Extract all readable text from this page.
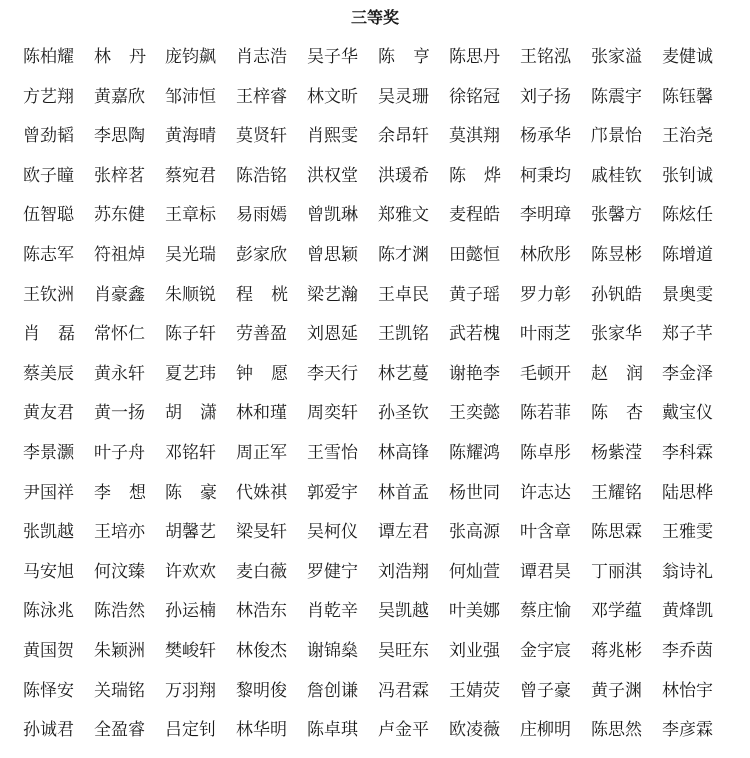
三等奖
陈柏耀 林 丹 庞钧飙 肖志浩 吴子华 陈 亨 陈思丹 王铭泓 张家溢 麦健诚
方艺翔 黄嘉欣 邹沛恒 王梓睿 林文昕 吴灵珊 徐铭冠 刘子扬 陈震宇 陈钰馨
曾劲韬 李思陶 黄海晴 莫贤轩 肖熙雯 余昂轩 莫淇翔 杨承华 邝景怡 王治尧
欧子瞳 张梓茗 蔡宛君 陈浩铭 洪权堂 洪瑗希 陈 烨 柯秉均 戚桂钦 张钊诚
伍智聪 苏东健 王章标 易雨嫣 曾凯琳 郑雅文 麦程皓 李明璋 张馨方 陈炫任
陈志军 符祖焯 吴光瑞 彭家欣 曾思颖 陈才渊 田懿恒 林欣彤 陈昱彬 陈增道
王钦洲 肖豪鑫 朱顺锐 程 桄 梁艺瀚 王卓民 黄子瑶 罗力彰 孙钒皓 景奥雯
肖 磊 常怀仁 陈子轩 劳善盈 刘恩延 王凯铭 武若槐 叶雨芝 张家华 郑子芊
蔡美辰 黄永轩 夏艺玮 钟 愿 李天行 林艺蔓 谢艳李 毛顿开 赵 润 李金泽
黄友君 黄一扬 胡 潇 林和瑾 周奕轩 孙圣钦 王奕懿 陈若菲 陈 杏 戴宝仪
李景灏 叶子舟 邓铭轩 周正军 王雪怡 林高锋 陈耀鸿 陈卓彤 杨紫滢 李科霖
尹国祥 李 想 陈 豪 代姝祺 郭爱宇 林首孟 杨世同 许志达 王耀铭 陆思桦
张凯越 王培亦 胡馨艺 梁旻轩 吴柯仪 谭左君 张高源 叶含章 陈思霖 王雅雯
马安旭 何汶臻 许欢欢 麦白薇 罗健宁 刘浩翔 何灿萱 谭君昊 丁丽淇 翁诗礼
陈泳兆 陈浩然 孙运楠 林浩东 肖乾辛 吴凯越 叶美娜 蔡庄愉 邓学蕴 黄烽凯
黄国贺 朱颖洲 樊峻轩 林俊杰 谢锦燊 吴旺东 刘业强 金宇宸 蒋兆彬 李乔茵
陈怿安 关瑞铭 万羽翔 黎明俊 詹创谦 冯君霖 王婧荧 曾子豪 黄子渊 林怡宇
孙诚君 全盈睿 吕定钊 林华明 陈卓琪 卢金平 欧凌薇 庄柳明 陈思然 李彦霖
